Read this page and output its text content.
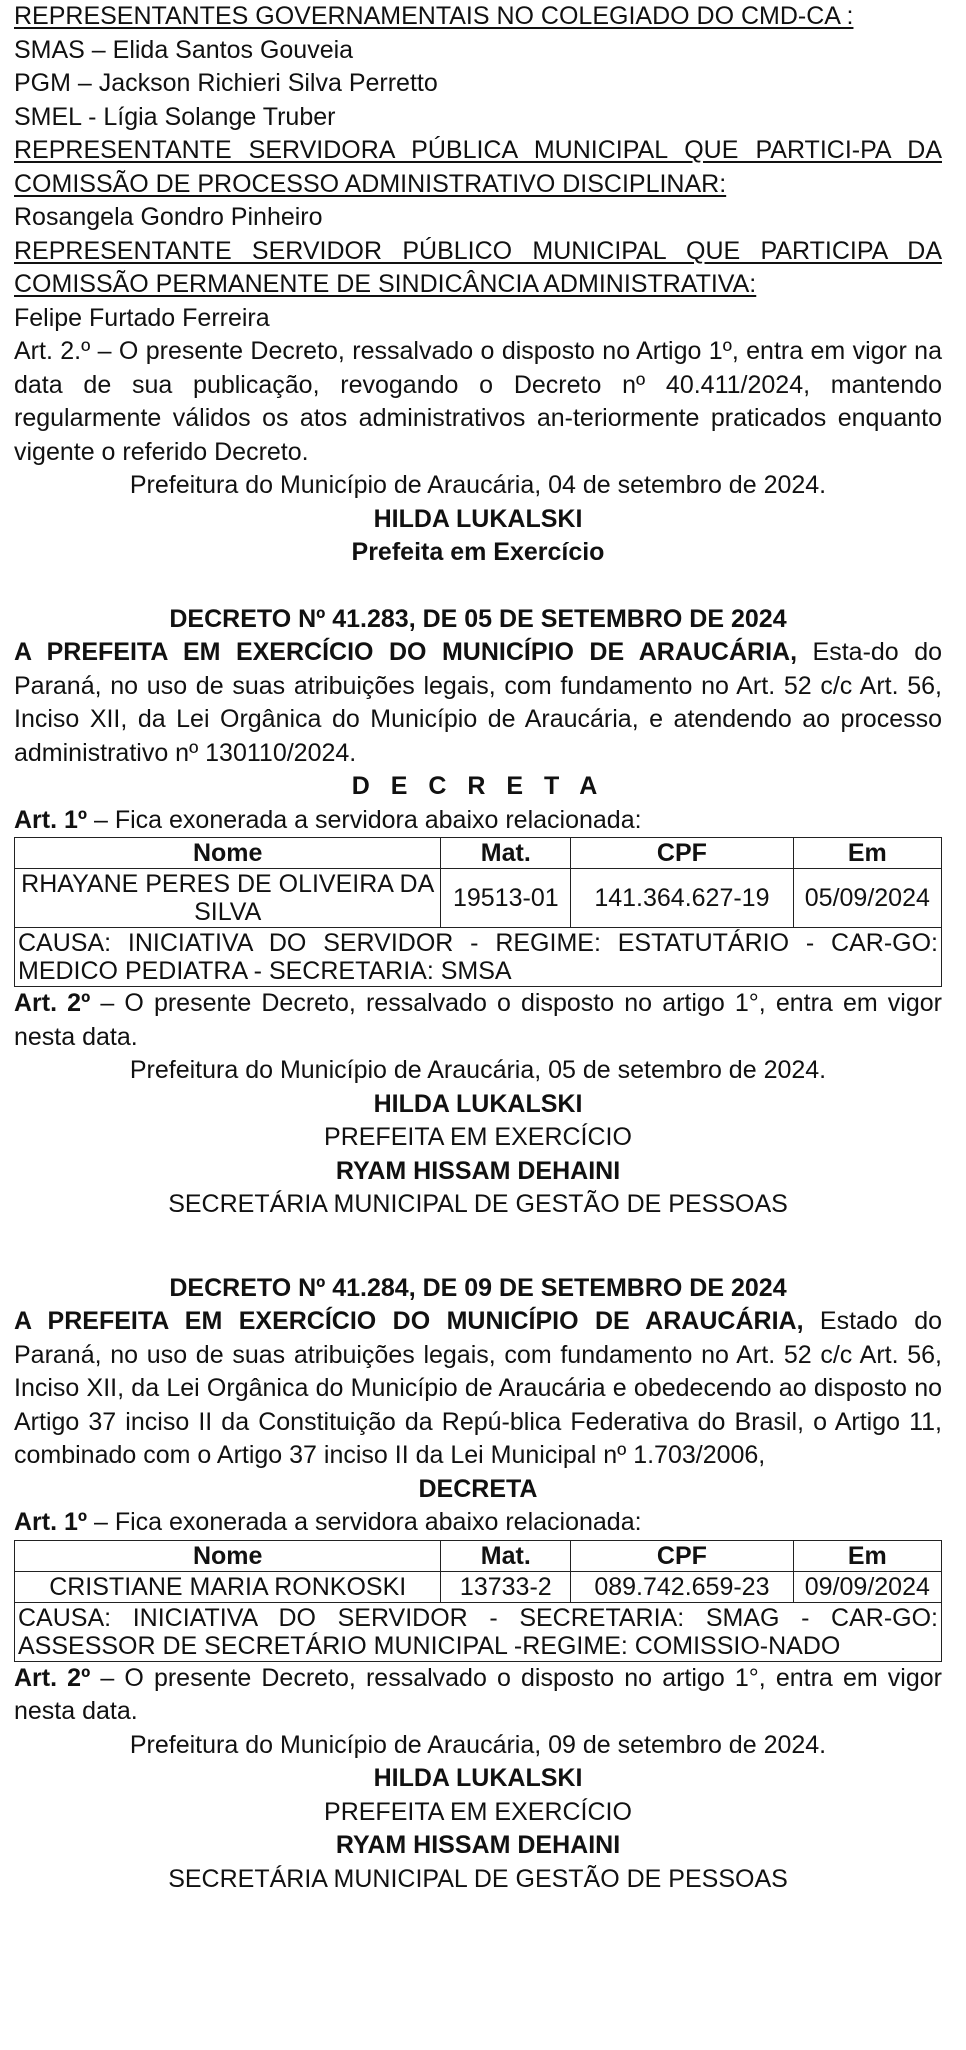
REPRESENTANTES GOVERNAMENTAIS NO COLEGIADO DO CMD-CA :

SMAS – Elida Santos Gouveia

PGM – Jackson Richieri Silva Perretto

SMEL - Lígia Solange Truber

REPRESENTANTE SERVIDORA PÚBLICA MUNICIPAL QUE PARTICI-PA DA COMISSÃO DE PROCESSO ADMINISTRATIVO DISCIPLINAR:

Rosangela Gondro Pinheiro

REPRESENTANTE SERVIDOR PÚBLICO MUNICIPAL QUE PARTICIPA DA COMISSÃO PERMANENTE DE SINDICÂNCIA ADMINISTRATIVA:

Felipe Furtado Ferreira

Art. 2.º – O presente Decreto, ressalvado o disposto no Artigo 1º, entra em vigor na data de sua publicação, revogando o Decreto nº 40.411/2024, mantendo regularmente válidos os atos administrativos an-teriormente praticados enquanto vigente o referido Decreto.

Prefeitura do Município de Araucária, 04 de setembro de 2024.

HILDA LUKALSKI

Prefeita em Exercício

DECRETO Nº 41.283, DE 05 DE SETEMBRO DE 2024

A PREFEITA EM EXERCÍCIO DO MUNICÍPIO DE ARAUCÁRIA, Esta-do do Paraná, no uso de suas atribuições legais, com fundamento no Art. 52 c/c Art. 56, Inciso XII, da Lei Orgânica do Município de Araucária, e atendendo ao processo administrativo nº 130110/2024.

D E C R E T A

Art. 1º – Fica exonerada a servidora abaixo relacionada:

Nome	Mat.	CPF	Em
RHAYANE PERES DE OLIVEIRA DA SILVA	19513-01	141.364.627-19	05/09/2024
CAUSA: INICIATIVA DO SERVIDOR - REGIME: ESTATUTÁRIO - CAR-GO: MEDICO PEDIATRA - SECRETARIA: SMSA			

Art. 2º – O presente Decreto, ressalvado o disposto no artigo 1°, entra em vigor nesta data.

Prefeitura do Município de Araucária, 05 de setembro de 2024.

HILDA LUKALSKI

PREFEITA EM EXERCÍCIO

RYAM HISSAM DEHAINI

SECRETÁRIA MUNICIPAL DE GESTÃO DE PESSOAS

DECRETO Nº 41.284, DE 09 DE SETEMBRO DE 2024

A PREFEITA EM EXERCÍCIO DO MUNICÍPIO DE ARAUCÁRIA, Estado do Paraná, no uso de suas atribuições legais, com fundamento no Art. 52 c/c Art. 56, Inciso XII, da Lei Orgânica do Município de Araucária e obedecendo ao disposto no Artigo 37 inciso II da Constituição da Repú-blica Federativa do Brasil, o Artigo 11, combinado com o Artigo 37 inciso II da Lei Municipal nº 1.703/2006,

DECRETA

Art. 1º – Fica exonerada a servidora abaixo relacionada:

Nome	Mat.	CPF	Em
CRISTIANE MARIA RONKOSKI	13733-2	089.742.659-23	09/09/2024
CAUSA: INICIATIVA DO SERVIDOR - SECRETARIA: SMAG - CAR-GO: ASSESSOR DE SECRETÁRIO MUNICIPAL -REGIME: COMISSIO-NADO			

Art. 2º – O presente Decreto, ressalvado o disposto no artigo 1°, entra em vigor nesta data.

Prefeitura do Município de Araucária, 09 de setembro de 2024.

HILDA LUKALSKI

PREFEITA EM EXERCÍCIO

RYAM HISSAM DEHAINI

SECRETÁRIA MUNICIPAL DE GESTÃO DE PESSOAS
